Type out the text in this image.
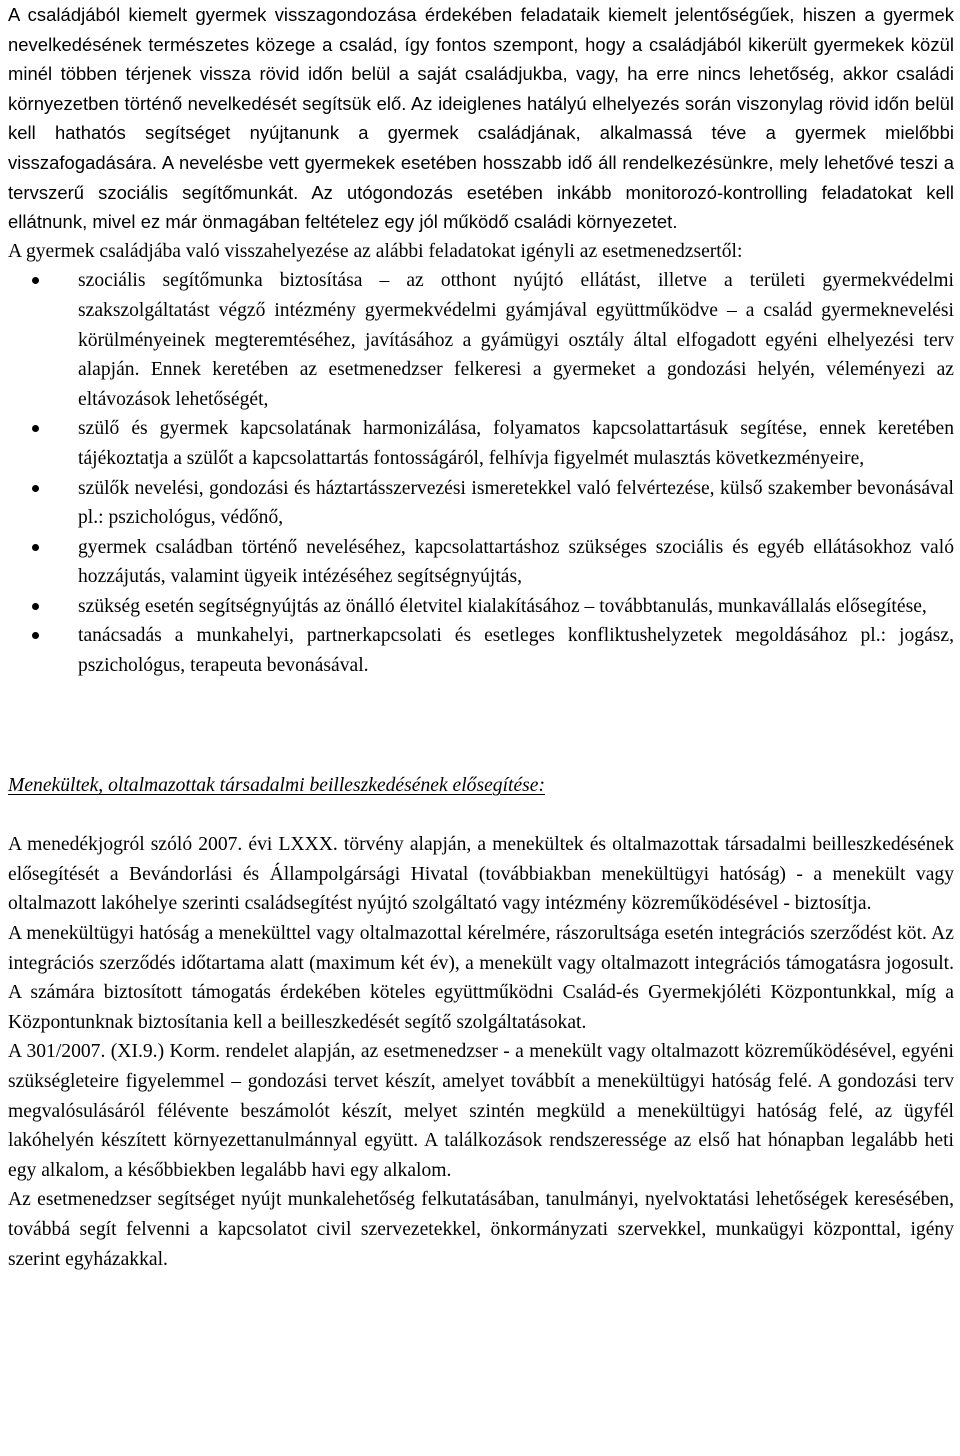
A családjából kiemelt gyermek visszagondozása érdekében feladataik kiemelt jelentőségűek, hiszen a gyermek nevelkedésének természetes közege a család, így fontos szempont, hogy a családjából kikerült gyermekek közül minél többen térjenek vissza rövid időn belül a saját családjukba, vagy, ha erre nincs lehetőség, akkor családi környezetben történő nevelkedését segítsük elő. Az ideiglenes hatályú elhelyezés során viszonylag rövid időn belül kell hathatós segítséget nyújtanunk a gyermek családjának, alkalmassá téve a gyermek mielőbbi visszafogadására. A nevelésbe vett gyermekek esetében hosszabb idő áll rendelkezésünkre, mely lehetővé teszi a tervszerű szociális segítőmunkát. Az utógondozás esetében inkább monitorozó-kontrolling feladatokat kell ellátnunk, mivel ez már önmagában feltételez egy jól működő családi környezetet.

A gyermek családjába való visszahelyezése az alábbi feladatokat igényli az esetmenedzsertől:

szociális segítőmunka biztosítása – az otthont nyújtó ellátást, illetve a területi gyermekvédelmi szakszolgáltatást végző intézmény gyermekvédelmi gyámjával együttműködve – a család gyermeknevelési körülményeinek megteremtéséhez, javításához a gyámügyi osztály által elfogadott egyéni elhelyezési terv alapján. Ennek keretében az esetmenedzser felkeresi a gyermeket a gondozási helyén, véleményezi az eltávozások lehetőségét,
szülő és gyermek kapcsolatának harmonizálása, folyamatos kapcsolattartásuk segítése, ennek keretében tájékoztatja a szülőt a kapcsolattartás fontosságáról, felhívja figyelmét mulasztás következményeire,
szülők nevelési, gondozási és háztartásszervezési ismeretekkel való felvértezése, külső szakember bevonásával pl.: pszichológus, védőnő,
gyermek családban történő neveléséhez, kapcsolattartáshoz szükséges szociális és egyéb ellátásokhoz való hozzájutás, valamint ügyeik intézéséhez segítségnyújtás,
szükség esetén segítségnyújtás az önálló életvitel kialakításához – továbbtanulás, munkavállalás elősegítése,
tanácsadás a munkahelyi, partnerkapcsolati és esetleges konfliktushelyzetek megoldásához pl.: jogász, pszichológus, terapeuta bevonásával.

Menekültek, oltalmazottak társadalmi beilleszkedésének elősegítése:

A menedékjogról szóló 2007. évi LXXX. törvény alapján, a menekültek és oltalmazottak társadalmi beilleszkedésének elősegítését a Bevándorlási és Állampolgársági Hivatal (továbbiakban menekültügyi hatóság) - a menekült vagy oltalmazott lakóhelye szerinti családsegítést nyújtó szolgáltató vagy intézmény közreműködésével - biztosítja.

A menekültügyi hatóság a menekülttel vagy oltalmazottal kérelmére, rászorultsága esetén integrációs szerződést köt. Az integrációs szerződés időtartama alatt (maximum két év), a menekült vagy oltalmazott integrációs támogatásra jogosult. A számára biztosított támogatás érdekében köteles együttműködni Család-és Gyermekjóléti Központunkkal, míg a Központunknak biztosítania kell a beilleszkedését segítő szolgáltatásokat.

A 301/2007. (XI.9.) Korm. rendelet alapján, az esetmenedzser - a menekült vagy oltalmazott közreműködésével, egyéni szükségleteire figyelemmel – gondozási tervet készít, amelyet továbbít a menekültügyi hatóság felé. A gondozási terv megvalósulásáról félévente beszámolót készít, melyet szintén megküld a menekültügyi hatóság felé, az ügyfél lakóhelyén készített környezettanulmánnyal együtt. A találkozások rendszeressége az első hat hónapban legalább heti egy alkalom, a későbbiekben legalább havi egy alkalom.

Az esetmenedzser segítséget nyújt munkalehetőség felkutatásában, tanulmányi, nyelvoktatási lehetőségek keresésében, továbbá segít felvenni a kapcsolatot civil szervezetekkel, önkormányzati szervekkel, munkaügyi központtal, igény szerint egyházakkal.
